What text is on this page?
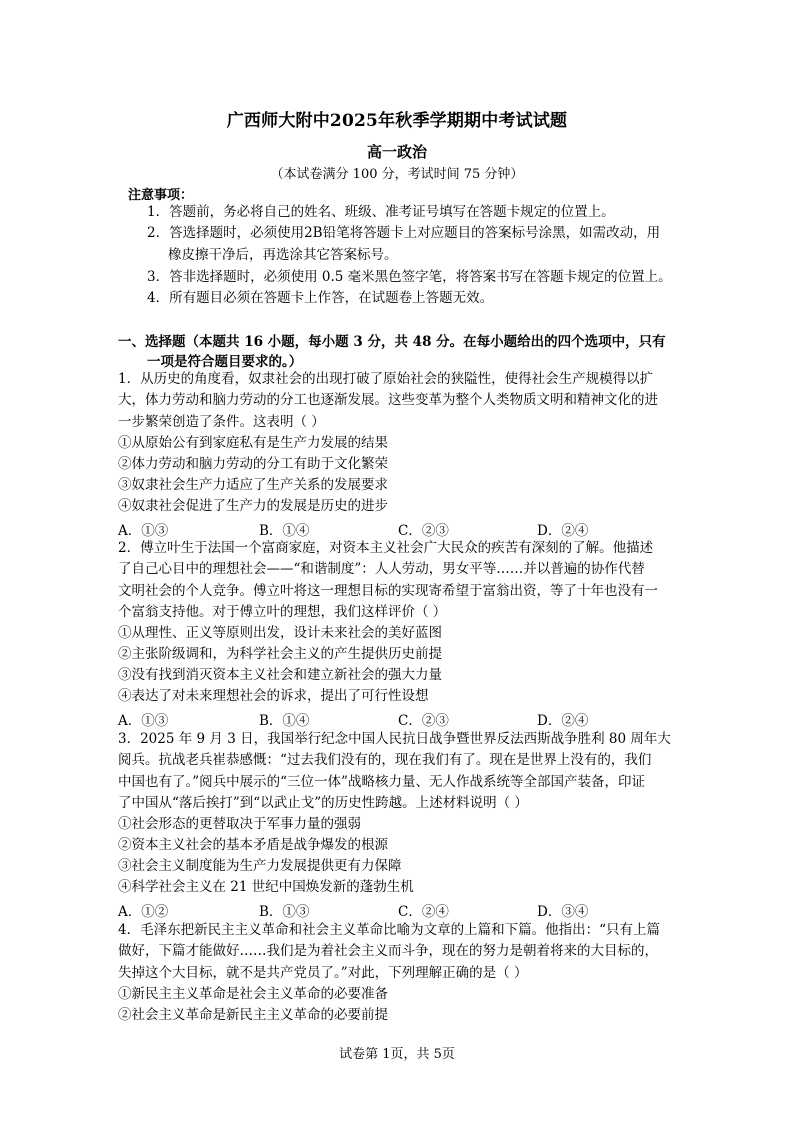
广西师大附中2025年秋季学期期中考试试题
高一政治
（本试卷满分 100 分，考试时间 75 分钟）
注意事项：
1．答题前，务必将自己的姓名、班级、准考证号填写在答题卡规定的位置上。
2．答选择题时，必须使用2B铅笔将答题卡上对应题目的答案标号涂黑，如需改动，用
橡皮擦干净后，再选涂其它答案标号。
3．答非选择题时，必须使用 0.5 毫米黑色签字笔，将答案书写在答题卡规定的位置上。
4．所有题目必须在答题卡上作答，在试题卷上答题无效。
一、选择题（本题共 16 小题，每小题 3 分，共 48 分。在每小题给出的四个选项中，只有
一项是符合题目要求的。）
1．从历史的角度看，奴隶社会的出现打破了原始社会的狭隘性，使得社会生产规模得以扩
大，体力劳动和脑力劳动的分工也逐渐发展。这些变革为整个人类物质文明和精神文化的进
一步繁荣创造了条件。这表明（ ）
①从原始公有到家庭私有是生产力发展的结果
②体力劳动和脑力劳动的分工有助于文化繁荣
③奴隶社会生产力适应了生产关系的发展要求
④奴隶社会促进了生产力的发展是历史的进步
A．①③	B．①④	C．②③	D．②④
2．傅立叶生于法国一个富商家庭，对资本主义社会广大民众的疾苦有深刻的了解。他描述
了自己心目中的理想社会——“和谐制度”：人人劳动，男女平等……并以普遍的协作代替
文明社会的个人竞争。傅立叶将这一理想目标的实现寄希望于富翁出资，等了十年也没有一
个富翁支持他。对于傅立叶的理想，我们这样评价（ ）
①从理性、正义等原则出发，设计未来社会的美好蓝图
②主张阶级调和，为科学社会主义的产生提供历史前提
③没有找到消灭资本主义社会和建立新社会的强大力量
④表达了对未来理想社会的诉求，提出了可行性设想
A．①③	B．①④	C．②③	D．②④
3．2025 年 9 月 3 日，我国举行纪念中国人民抗日战争暨世界反法西斯战争胜利 80 周年大
阅兵。抗战老兵崔恭感慨：“过去我们没有的，现在我们有了。现在是世界上没有的，我们
中国也有了。”阅兵中展示的“三位一体”战略核力量、无人作战系统等全部国产装备，印证
了中国从“落后挨打”到“以武止戈”的历史性跨越。上述材料说明（ ）
①社会形态的更替取决于军事力量的强弱
②资本主义社会的基本矛盾是战争爆发的根源
③社会主义制度能为生产力发展提供更有力保障
④科学社会主义在 21 世纪中国焕发新的蓬勃生机
A．①②	B．①③	C．②④	D．③④
4．毛泽东把新民主主义革命和社会主义革命比喻为文章的上篇和下篇。他指出：“只有上篇
做好，下篇才能做好……我们是为着社会主义而斗争，现在的努力是朝着将来的大目标的，
失掉这个大目标，就不是共产党员了。”对此，下列理解正确的是（ ）
①新民主主义革命是社会主义革命的必要准备
②社会主义革命是新民主主义革命的必要前提
试卷第 1页，共 5页
